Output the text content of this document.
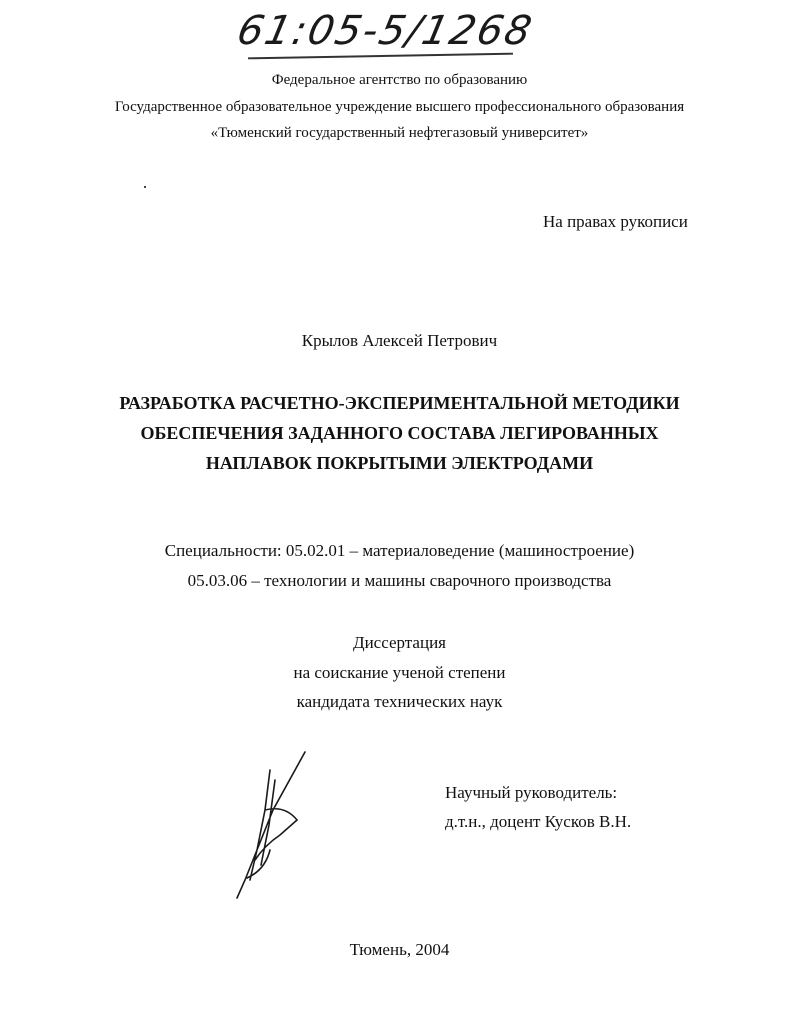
61:05-5/1268
Федеральное агентство по образованию
Государственное образовательное учреждение высшего профессионального образования
«Тюменский государственный нефтегазовый университет»
На правах рукописи
Крылов Алексей Петрович
РАЗРАБОТКА РАСЧЕТНО-ЭКСПЕРИМЕНТАЛЬНОЙ МЕТОДИКИ
ОБЕСПЕЧЕНИЯ ЗАДАННОГО СОСТАВА ЛЕГИРОВАННЫХ
НАПЛАВОК ПОКРЫТЫМИ ЭЛЕКТРОДАМИ
Специальности: 05.02.01 – материаловедение (машиностроение)
05.03.06 – технологии и машины сварочного производства
Диссертация
на соискание ученой степени
кандидата технических наук
Научный руководитель:
д.т.н., доцент Кусков В.Н.
Тюмень, 2004
